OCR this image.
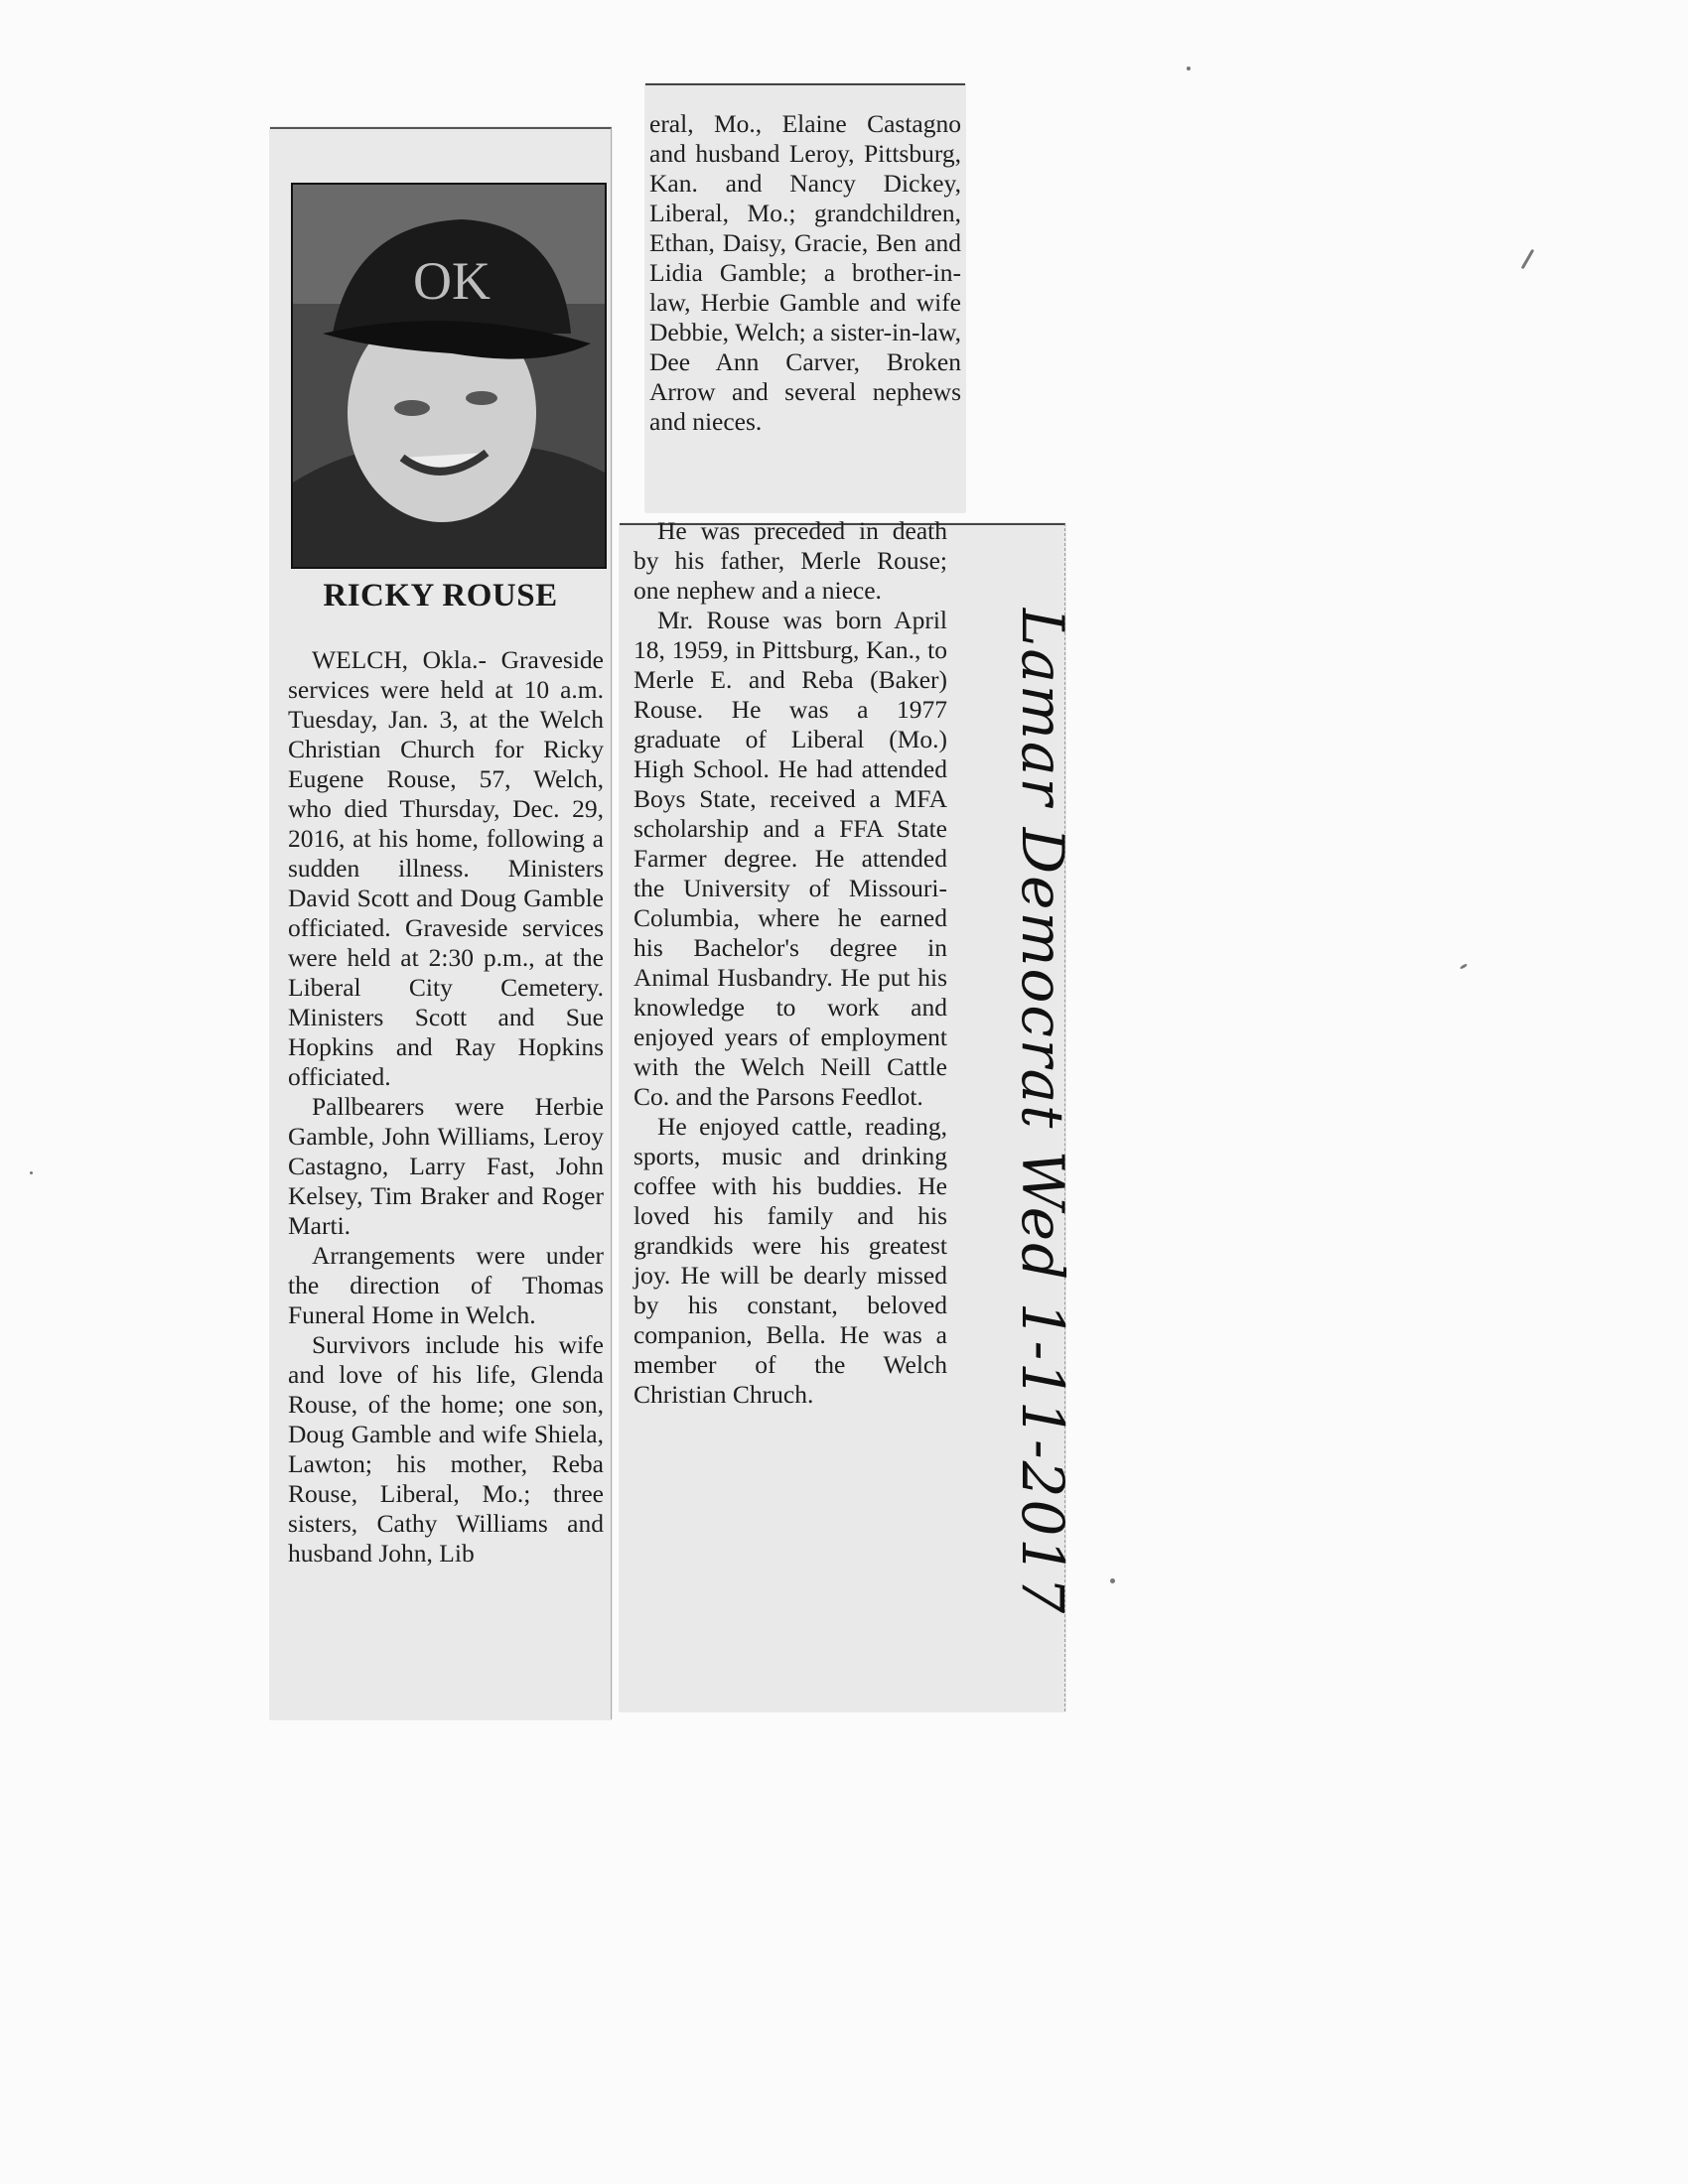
OK
RICKY ROUSE

WELCH, Okla.- Graveside services were held at 10 a.m. Tuesday, Jan. 3, at the Welch Christian Church for Ricky Eugene Rouse, 57, Welch, who died Thursday, Dec. 29, 2016, at his home, following a sudden illness. Ministers David Scott and Doug Gamble officiated. Graveside services were held at 2:30 p.m., at the Liberal City Cemetery. Ministers Scott and Sue Hopkins and Ray Hopkins officiated.

Pallbearers were Herbie Gamble, John Williams, Leroy Castagno, Larry Fast, John Kelsey, Tim Braker and Roger Marti.

Arrangements were under the direction of Thomas Funeral Home in Welch.

Survivors include his wife and love of his life, Glenda Rouse, of the home; one son, Doug Gamble and wife Shiela, Lawton; his mother, Reba Rouse, Liberal, Mo.; three sisters, Cathy Williams and husband John, Lib

eral, Mo., Elaine Castagno and husband Leroy, Pittsburg, Kan. and Nancy Dickey, Liberal, Mo.; grandchildren, Ethan, Daisy, Gracie, Ben and Lidia Gamble; a brother-in-law, Herbie Gamble and wife Debbie, Welch; a sister-in-law, Dee Ann Carver, Broken Arrow and several nephews and nieces.

He was preceded in death by his father, Merle Rouse; one nephew and a niece.

Mr. Rouse was born April 18, 1959, in Pittsburg, Kan., to Merle E. and Reba (Baker) Rouse. He was a 1977 graduate of Liberal (Mo.) High School. He had attended Boys State, received a MFA scholarship and a FFA State Farmer degree. He attended the University of Missouri-Columbia, where he earned his Bachelor's degree in Animal Husbandry. He put his knowledge to work and enjoyed years of employment with the Welch Neill Cattle Co. and the Parsons Feedlot.

He enjoyed cattle, reading, sports, music and drinking coffee with his buddies. He loved his family and his grandkids were his greatest joy. He will be dearly missed by his constant, beloved companion, Bella. He was a member of the Welch Christian Chruch.	Lamar Democrat Wed 1-11-2017
